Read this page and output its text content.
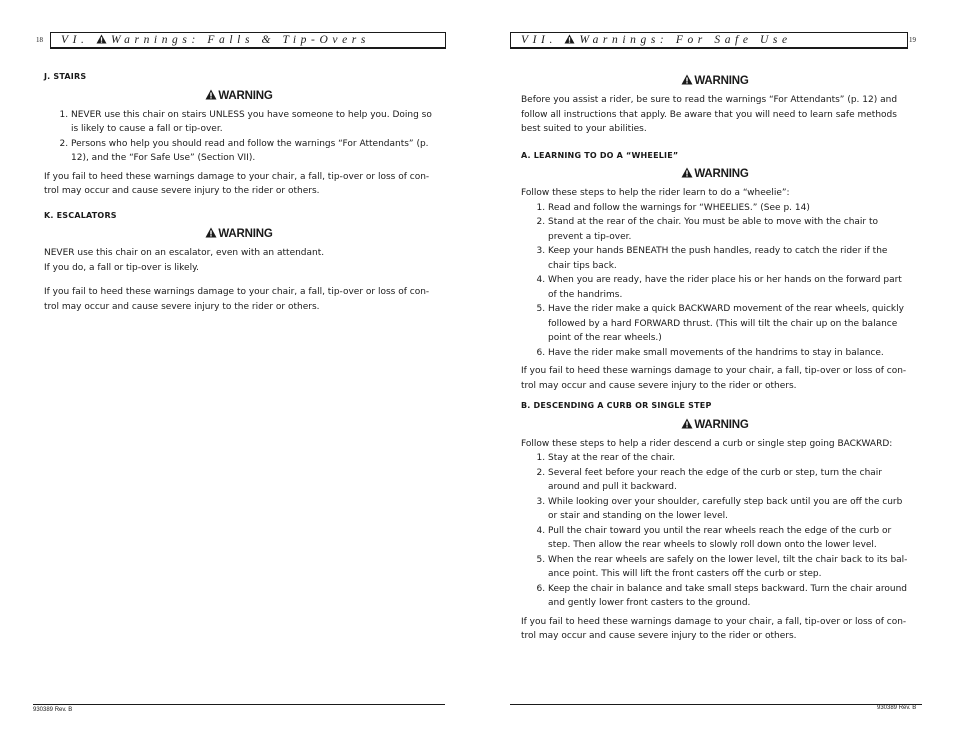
18	VI. Warnings: Falls & Tip-Overs
J. STAIRS
WARNING
1. NEVER use this chair on stairs UNLESS you have someone to help you. Doing so is likely to cause a fall or tip-over.
2. Persons who help you should read and follow the warnings “For Attendants” (p. 12), and the “For Safe Use” (Section VII).

If you fail to heed these warnings damage to your chair, a fall, tip-over or loss of con-trol may occur and cause severe injury to the rider or others.

K. ESCALATORS
WARNING
NEVER use this chair on an escalator, even with an attendant.
If you do, a fall or tip-over is likely.

If you fail to heed these warnings damage to your chair, a fall, tip-over or loss of con-trol may occur and cause severe injury to the rider or others.

930389 Rev. B
VII. Warnings: For Safe Use	19
WARNING

Before you assist a rider, be sure to read the warnings “For Attendants” (p. 12) and follow all instructions that apply. Be aware that you will need to learn safe methods best suited to your abilities.

A. LEARNING TO DO A “WHEELIE”
WARNING
Follow these steps to help the rider learn to do a “wheelie”:
1. Read and follow the warnings for “WHEELIES.” (See p. 14)
2. Stand at the rear of the chair. You must be able to move with the chair to prevent a tip-over.
3. Keep your hands BENEATH the push handles, ready to catch the rider if the chair tips back.
4. When you are ready, have the rider place his or her hands on the forward part of the handrims.
5. Have the rider make a quick BACKWARD movement of the rear wheels, quickly followed by a hard FORWARD thrust. (This will tilt the chair up on the balance point of the rear wheels.)
6. Have the rider make small movements of the handrims to stay in balance.

If you fail to heed these warnings damage to your chair, a fall, tip-over or loss of con-trol may occur and cause severe injury to the rider or others.

B. DESCENDING A CURB OR SINGLE STEP
WARNING
Follow these steps to help a rider descend a curb or single step going BACKWARD:
1. Stay at the rear of the chair.
2. Several feet before your reach the edge of the curb or step, turn the chair around and pull it backward.
3. While looking over your shoulder, carefully step back until you are off the curb or stair and standing on the lower level.
4. Pull the chair toward you until the rear wheels reach the edge of the curb or step. Then allow the rear wheels to slowly roll down onto the lower level.
5. When the rear wheels are safely on the lower level, tilt the chair back to its bal-ance point. This will lift the front casters off the curb or step.
6. Keep the chair in balance and take small steps backward. Turn the chair around and gently lower front casters to the ground.

If you fail to heed these warnings damage to your chair, a fall, tip-over or loss of con-trol may occur and cause severe injury to the rider or others.

930389 Rev. B
